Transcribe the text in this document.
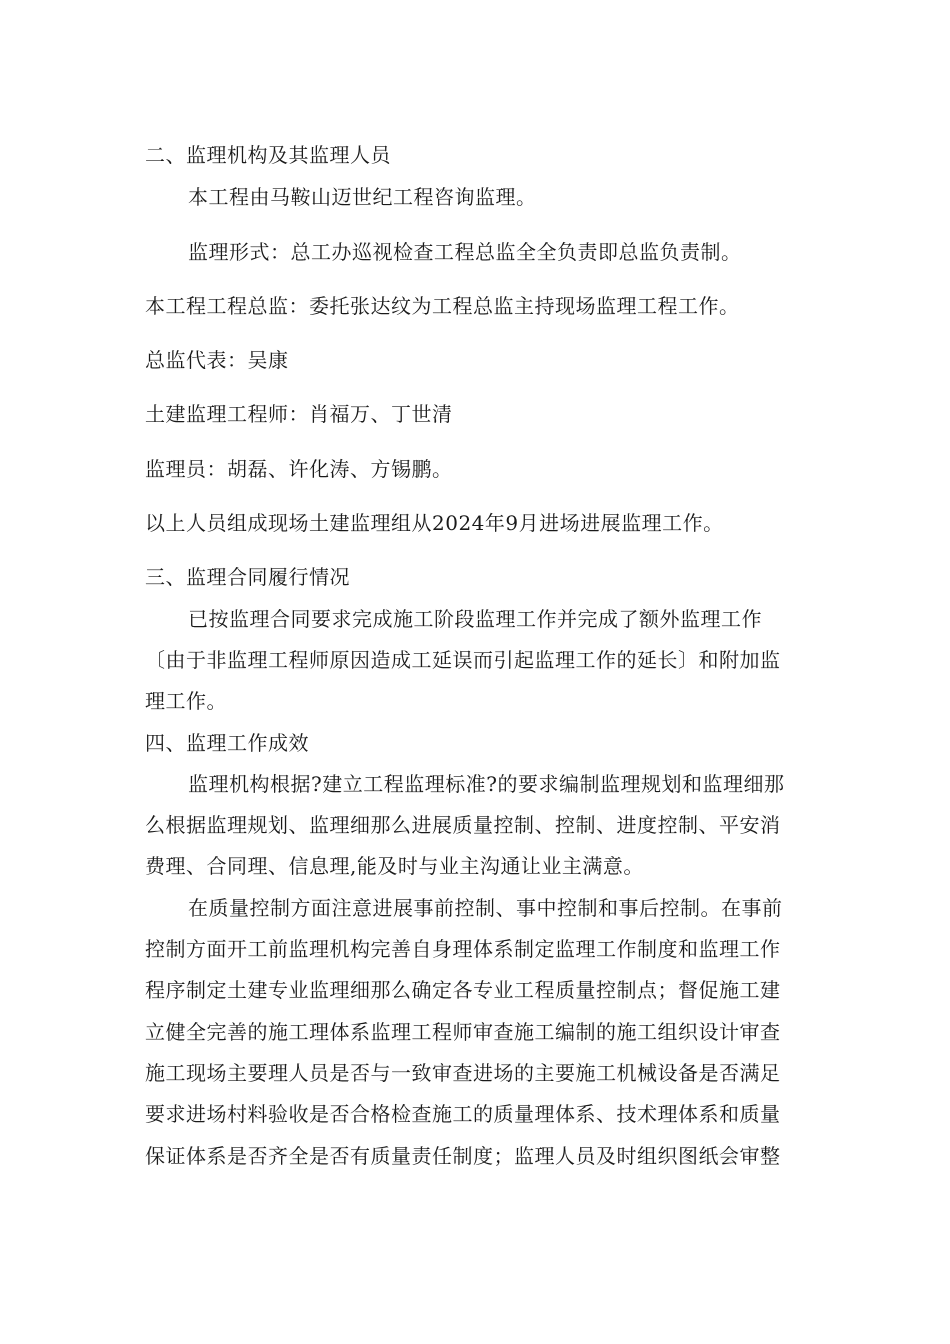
二、监理机构及其监理人员
本工程由马鞍山迈世纪工程咨询监理。
监理形式：总工办巡视检查工程总监全全负责即总监负责制。
本工程工程总监：委托张达纹为工程总监主持现场监理工程工作。
总监代表：吴康
土建监理工程师：肖福万、丁世清
监理员：胡磊、许化涛、方锡鹏。
以上人员组成现场土建监理组从2024年9月进场进展监理工作。
三、监理合同履行情况
已按监理合同要求完成施工阶段监理工作并完成了额外监理工作
〔由于非监理工程师原因造成工延误而引起监理工作的延长〕和附加监
理工作。
四、监理工作成效
监理机构根据?建立工程监理标准?的要求编制监理规划和监理细那
么根据监理规划、监理细那么进展质量控制、控制、进度控制、平安消
费理、合同理、信息理,能及时与业主沟通让业主满意。
在质量控制方面注意进展事前控制、事中控制和事后控制。在事前
控制方面开工前监理机构完善自身理体系制定监理工作制度和监理工作
程序制定土建专业监理细那么确定各专业工程质量控制点；督促施工建
立健全完善的施工理体系监理工程师审查施工编制的施工组织设计审查
施工现场主要理人员是否与一致审查进场的主要施工机械设备是否满足
要求进场村料验收是否合格检查施工的质量理体系、技术理体系和质量
保证体系是否齐全是否有质量责任制度；监理人员及时组织图纸会审整
